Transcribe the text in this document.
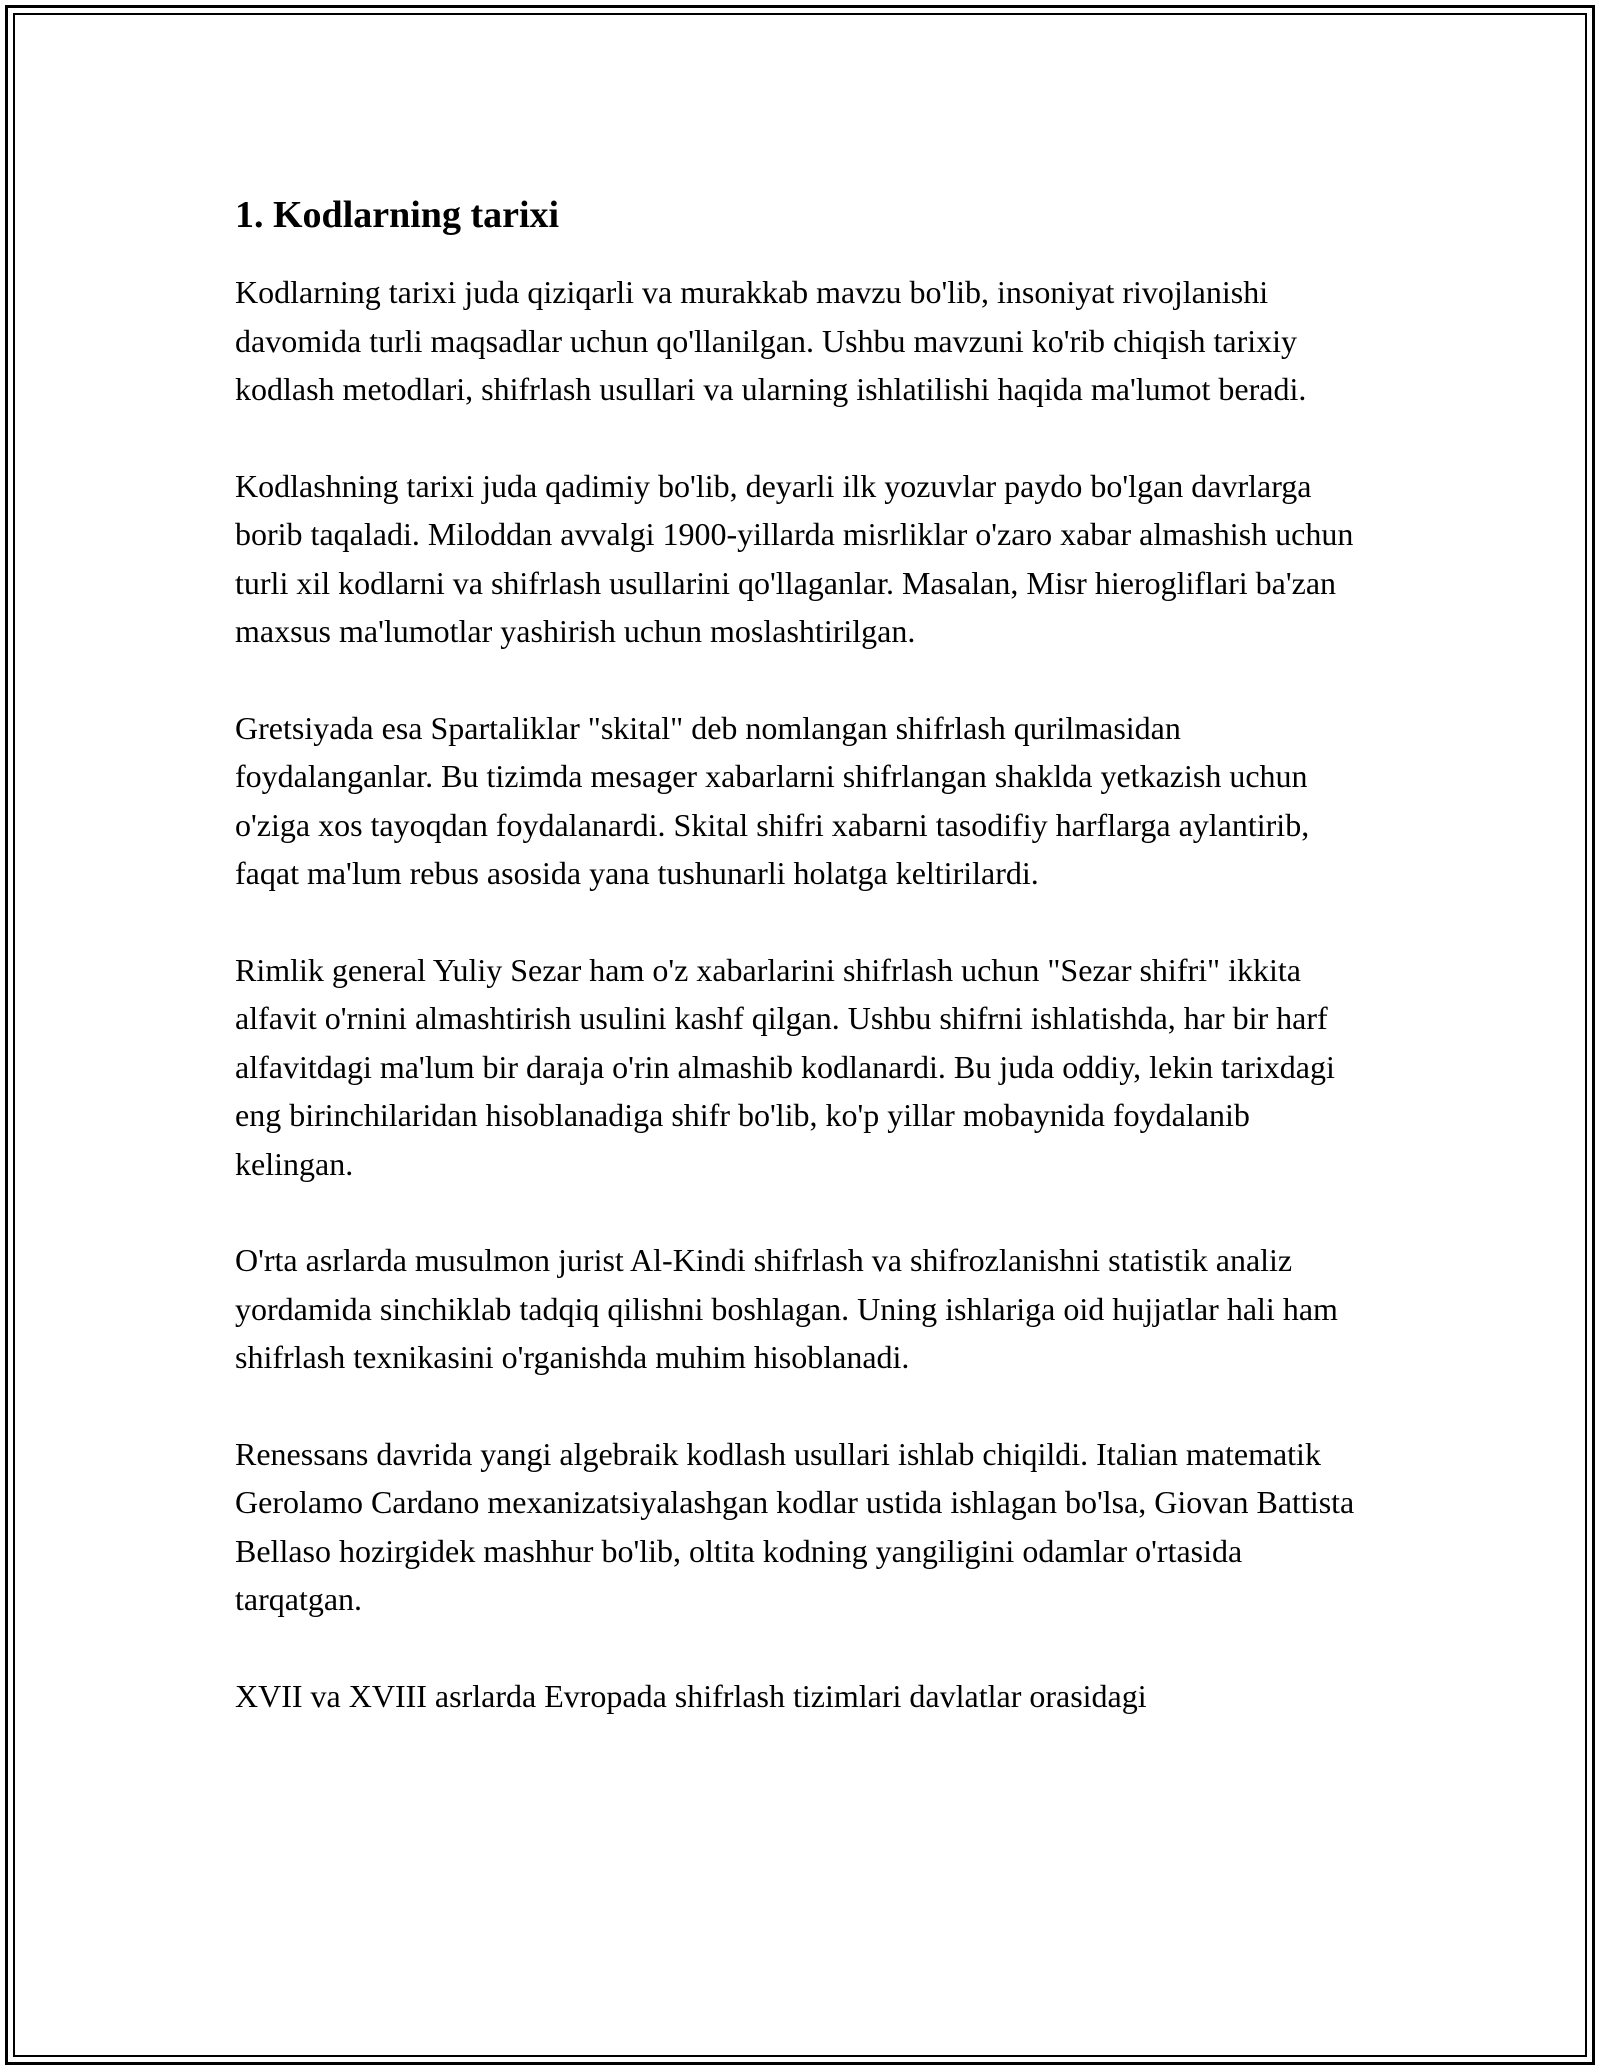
1. Kodlarning tarixi

Kodlarning tarixi juda qiziqarli va murakkab mavzu bo'lib, insoniyat rivojlanishi davomida turli maqsadlar uchun qo'llanilgan. Ushbu mavzuni ko'rib chiqish tarixiy kodlash metodlari, shifrlash usullari va ularning ishlatilishi haqida ma'lumot beradi.

Kodlashning tarixi juda qadimiy bo'lib, deyarli ilk yozuvlar paydo bo'lgan davrlarga borib taqaladi. Miloddan avvalgi 1900-yillarda misrliklar o'zaro xabar almashish uchun turli xil kodlarni va shifrlash usullarini qo'llaganlar. Masalan, Misr hierogliflari ba'zan maxsus ma'lumotlar yashirish uchun moslashtirilgan.

Gretsiyada esa Spartaliklar "skital" deb nomlangan shifrlash qurilmasidan foydalanganlar. Bu tizimda mesager xabarlarni shifrlangan shaklda yetkazish uchun o'ziga xos tayoqdan foydalanardi. Skital shifri xabarni tasodifiy harflarga aylantirib, faqat ma'lum rebus asosida yana tushunarli holatga keltirilardi.

Rimlik general Yuliy Sezar ham o'z xabarlarini shifrlash uchun "Sezar shifri" ikkita alfavit o'rnini almashtirish usulini kashf qilgan. Ushbu shifrni ishlatishda, har bir harf alfavitdagi ma'lum bir daraja o'rin almashib kodlanardi. Bu juda oddiy, lekin tarixdagi eng birinchilaridan hisoblanadiga shifr bo'lib, ko'p yillar mobaynida foydalanib kelingan.

O'rta asrlarda musulmon jurist Al-Kindi shifrlash va shifrozlanishni statistik analiz yordamida sinchiklab tadqiq qilishni boshlagan. Uning ishlariga oid hujjatlar hali ham shifrlash texnikasini o'rganishda muhim hisoblanadi.

Renessans davrida yangi algebraik kodlash usullari ishlab chiqildi. Italian matematik Gerolamo Cardano mexanizatsiyalashgan kodlar ustida ishlagan bo'lsa, Giovan Battista Bellaso hozirgidek mashhur bo'lib, oltita kodning yangiligini odamlar o'rtasida tarqatgan.

XVII va XVIII asrlarda Evropada shifrlash tizimlari davlatlar orasidagi
